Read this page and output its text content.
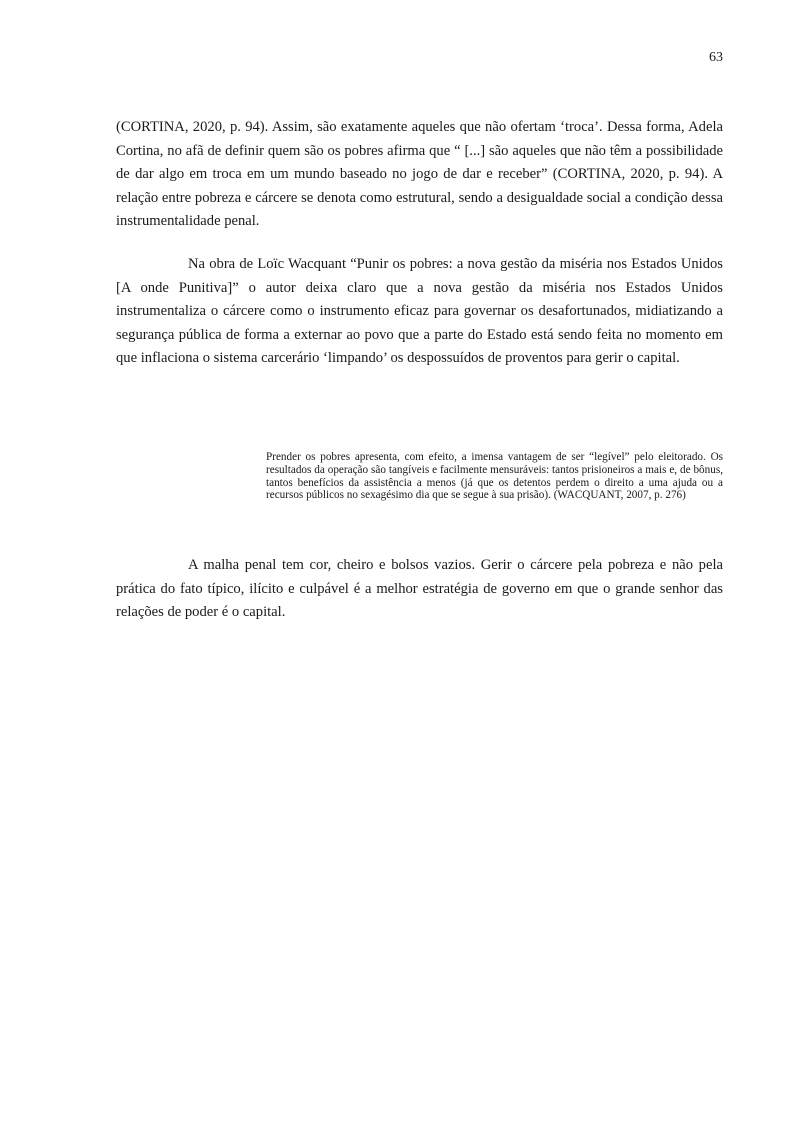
63

(CORTINA, 2020, p. 94). Assim, são exatamente aqueles que não ofertam ‘troca’. Dessa forma, Adela Cortina, no afã de definir quem são os pobres afirma que “ [...] são aqueles que não têm a possibilidade de dar algo em troca em um mundo baseado no jogo de dar e receber” (CORTINA, 2020, p. 94). A relação entre pobreza e cárcere se denota como estrutural, sendo a desigualdade social a condição dessa instrumentalidade penal.

Na obra de Loïc Wacquant “Punir os pobres: a nova gestão da miséria nos Estados Unidos [A onde Punitiva]” o autor deixa claro que a nova gestão da miséria nos Estados Unidos instrumentaliza o cárcere como o instrumento eficaz para governar os desafortunados, midiatizando a segurança pública de forma a externar ao povo que a parte do Estado está sendo feita no momento em que inflaciona o sistema carcerário ‘limpando’ os despossuídos de proventos para gerir o capital.

Prender os pobres apresenta, com efeito, a imensa vantagem de ser “legível” pelo eleitorado. Os resultados da operação são tangíveis e facilmente mensuráveis: tantos prisioneiros a mais e, de bônus, tantos benefícios da assistência a menos (já que os detentos perdem o direito a uma ajuda ou a recursos públicos no sexagésimo dia que se segue à sua prisão). (WACQUANT, 2007, p. 276)

A malha penal tem cor, cheiro e bolsos vazios. Gerir o cárcere pela pobreza e não pela prática do fato típico, ilícito e culpável é a melhor estratégia de governo em que o grande senhor das relações de poder é o capital.
